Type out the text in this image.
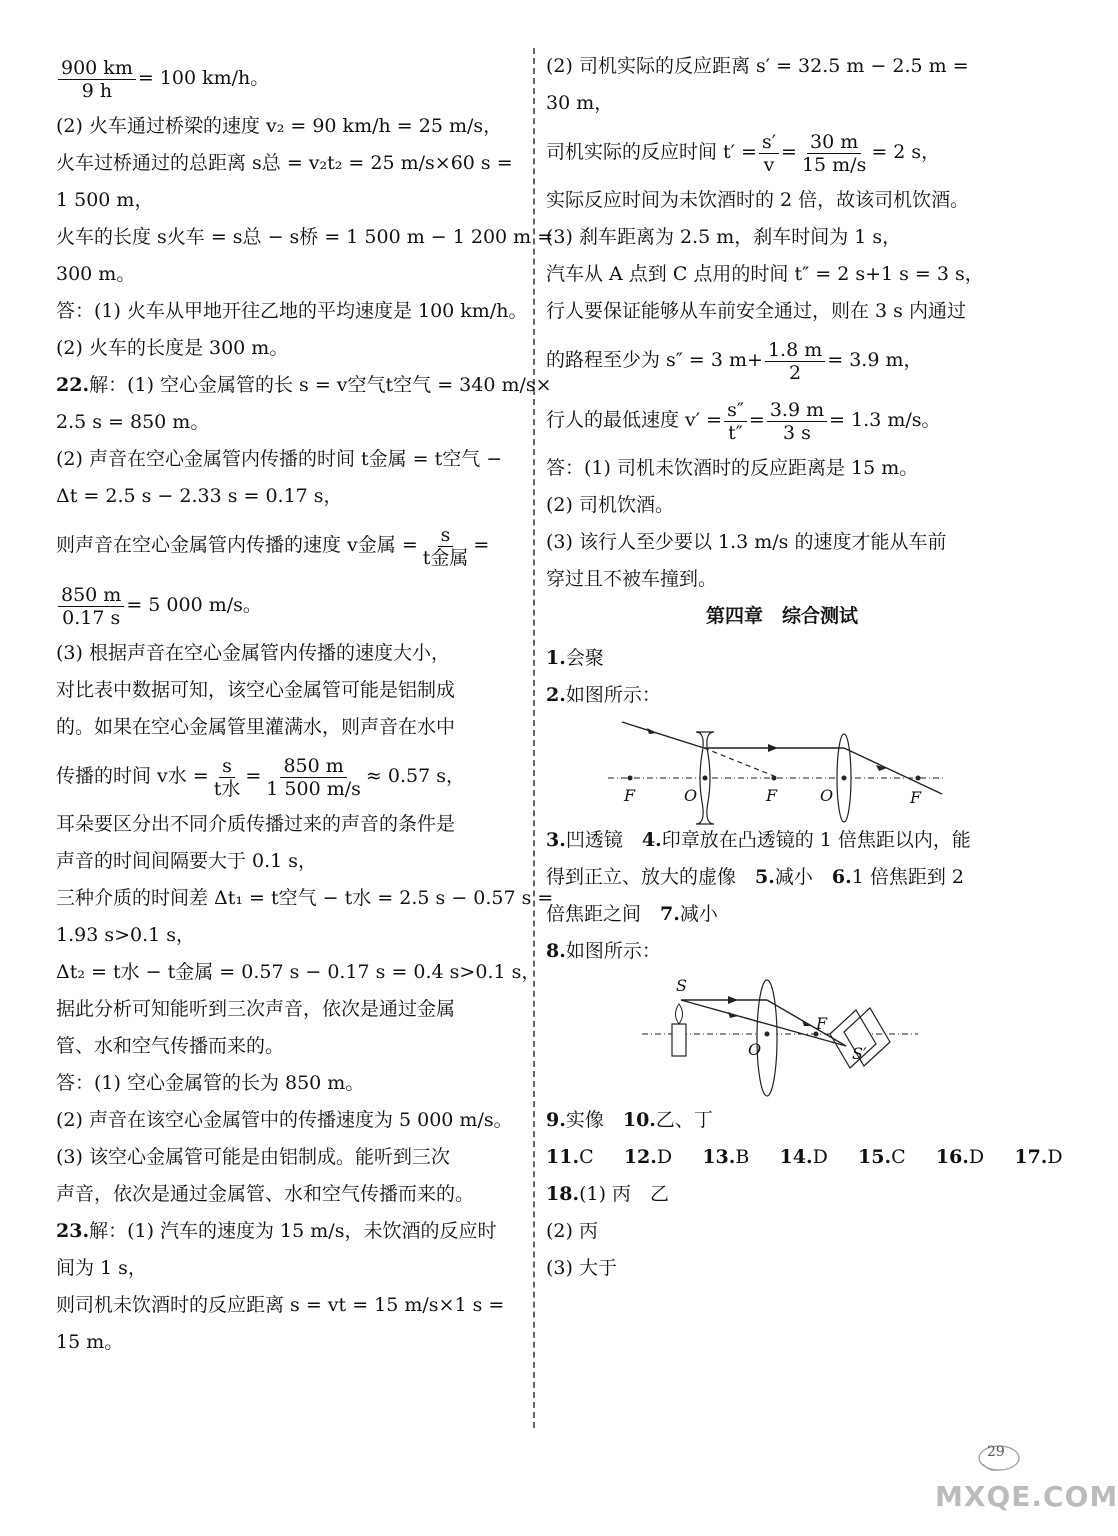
$\frac{900 km}{9 h} = 100$ km/h。
(2) 火车通过桥梁的速度 v₂ = 90 km/h = 25 m/s，
火车过桥通过的总距离 s总 = v₂t₂ = 25 m/s×60 s =
1 500 m，
火车的长度 s火车 = s总 − s桥 = 1 500 m − 1 200 m =
300 m。
答：(1) 火车从甲地开往乙地的平均速度是 100 km/h。
(2) 火车的长度是 300 m。
22.解：(1) 空心金属管的长 s = v空气t空气 = 340 m/s×
2.5 s = 850 m。
(2) 声音在空心金属管内传播的时间 t金属 = t空气 −
Δt = 2.5 s − 2.33 s = 0.17 s，
则声音在空心金属管内传播的速度 v金属 = $\frac{s}{\text{t金属}}$ =
$\frac{850 m}{0.17 s} = 5$ 000 m/s。
(3) 根据声音在空心金属管内传播的速度大小，
对比表中数据可知，该空心金属管可能是铝制成
的。如果在空心金属管里灌满水，则声音在水中
传播的时间 v水 = $\frac{s}{\text{t水}} = \frac{850 m}{1 500 m/s} \approx 0.57$ s，
耳朵要区分出不同介质传播过来的声音的条件是
声音的时间间隔要大于 0.1 s，
三种介质的时间差 Δt₁ = t空气 − t水 = 2.5 s − 0.57 s =
1.93 s>0.1 s，
Δt₂ = t水 − t金属 = 0.57 s − 0.17 s = 0.4 s>0.1 s，
据此分析可知能听到三次声音，依次是通过金属
管、水和空气传播而来的。
答：(1) 空心金属管的长为 850 m。
(2) 声音在该空心金属管中的传播速度为 5 000 m/s。
(3) 该空心金属管可能是由铝制成。能听到三次
声音，依次是通过金属管、水和空气传播而来的。
23.解：(1) 汽车的速度为 15 m/s，未饮酒的反应时
间为 1 s，
则司机未饮酒时的反应距离 s = vt = 15 m/s×1 s =
15 m。
(2) 司机实际的反应距离 s′ = 32.5 m − 2.5 m =
30 m，
司机实际的反应时间 $t' = \frac{s'}{v} = \frac{30 m}{15 m/s} = 2$ s，
实际反应时间为未饮酒时的 2 倍，故该司机饮酒。
(3) 刹车距离为 2.5 m，刹车时间为 1 s，
汽车从 A 点到 C 点用的时间 t″ = 2 s+1 s = 3 s，
行人要保证能够从车前安全通过，则在 3 s 内通过
的路程至少为 s″ = 3 $m+ \frac{1.8 m}{2} = 3.9$ m，
行人的最低速度 $v' = \frac{s''}{t''} = \frac{3.9 m}{3 s} = 1.3$ m/s。
答：(1) 司机未饮酒时的反应距离是 15 m。
(2) 司机饮酒。
(3) 该行人至少要以 1.3 m/s 的速度才能从车前
穿过且不被车撞到。
第四章　综合测试
1.会聚
2.如图所示：
F	O	F	O	F
3.凹透镜　4.印章放在凸透镜的 1 倍焦距以内，能
得到正立、放大的虚像　5.减小　6.1 倍焦距到 2
倍焦距之间　7.减小
8.如图所示：
S
O
F
S′
9.实像　10.乙、丁
11.C 12.D 13.B 14.D 15.C 16.D 17.D
18.(1) 丙　乙
(2) 丙
(3) 大于
29
MXQE.COM
